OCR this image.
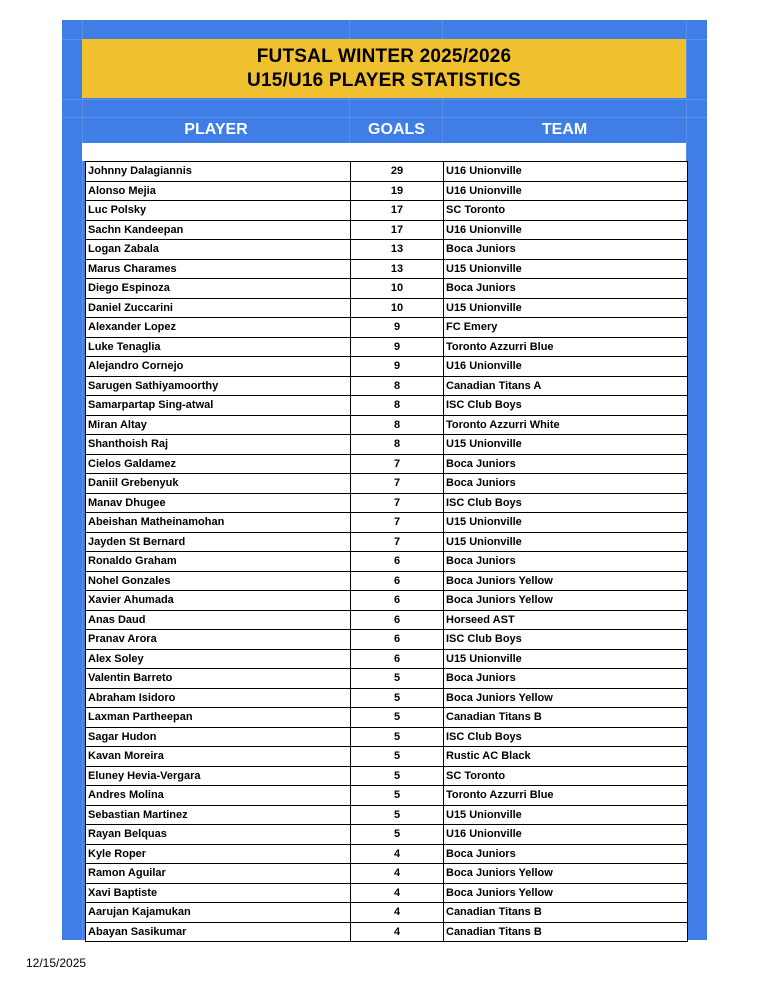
FUTSAL WINTER 2025/2026
U15/U16 PLAYER STATISTICS
PLAYER	GOALS	TEAM
Johnny Dalagiannis	29	U16 Unionville
Alonso Mejia	19	U16 Unionville
Luc Polsky	17	SC Toronto
Sachn Kandeepan	17	U16 Unionville
Logan Zabala	13	Boca Juniors
Marus Charames	13	U15 Unionville
Diego Espinoza	10	Boca Juniors
Daniel Zuccarini	10	U15 Unionville
Alexander Lopez	9	FC Emery
Luke Tenaglia	9	Toronto Azzurri Blue
Alejandro Cornejo	9	U16 Unionville
Sarugen Sathiyamoorthy	8	Canadian Titans A
Samarpartap Sing-atwal	8	ISC Club Boys
Miran Altay	8	Toronto Azzurri White
Shanthoish Raj	8	U15 Unionville
Cielos Galdamez	7	Boca Juniors
Daniil Grebenyuk	7	Boca Juniors
Manav Dhugee	7	ISC Club Boys
Abeishan Matheinamohan	7	U15 Unionville
Jayden St Bernard	7	U15 Unionville
Ronaldo Graham	6	Boca Juniors
Nohel Gonzales	6	Boca Juniors Yellow
Xavier Ahumada	6	Boca Juniors Yellow
Anas Daud	6	Horseed AST
Pranav Arora	6	ISC Club Boys
Alex Soley	6	U15 Unionville
Valentin Barreto	5	Boca Juniors
Abraham Isidoro	5	Boca Juniors Yellow
Laxman Partheepan	5	Canadian Titans B
Sagar Hudon	5	ISC Club Boys
Kavan Moreira	5	Rustic AC Black
Eluney Hevia-Vergara	5	SC Toronto
Andres Molina	5	Toronto Azzurri Blue
Sebastian Martinez	5	U15 Unionville
Rayan Belquas	5	U16 Unionville
Kyle Roper	4	Boca Juniors
Ramon Aguilar	4	Boca Juniors Yellow
Xavi Baptiste	4	Boca Juniors Yellow
Aarujan Kajamukan	4	Canadian Titans B
Abayan Sasikumar	4	Canadian Titans B
12/15/2025
